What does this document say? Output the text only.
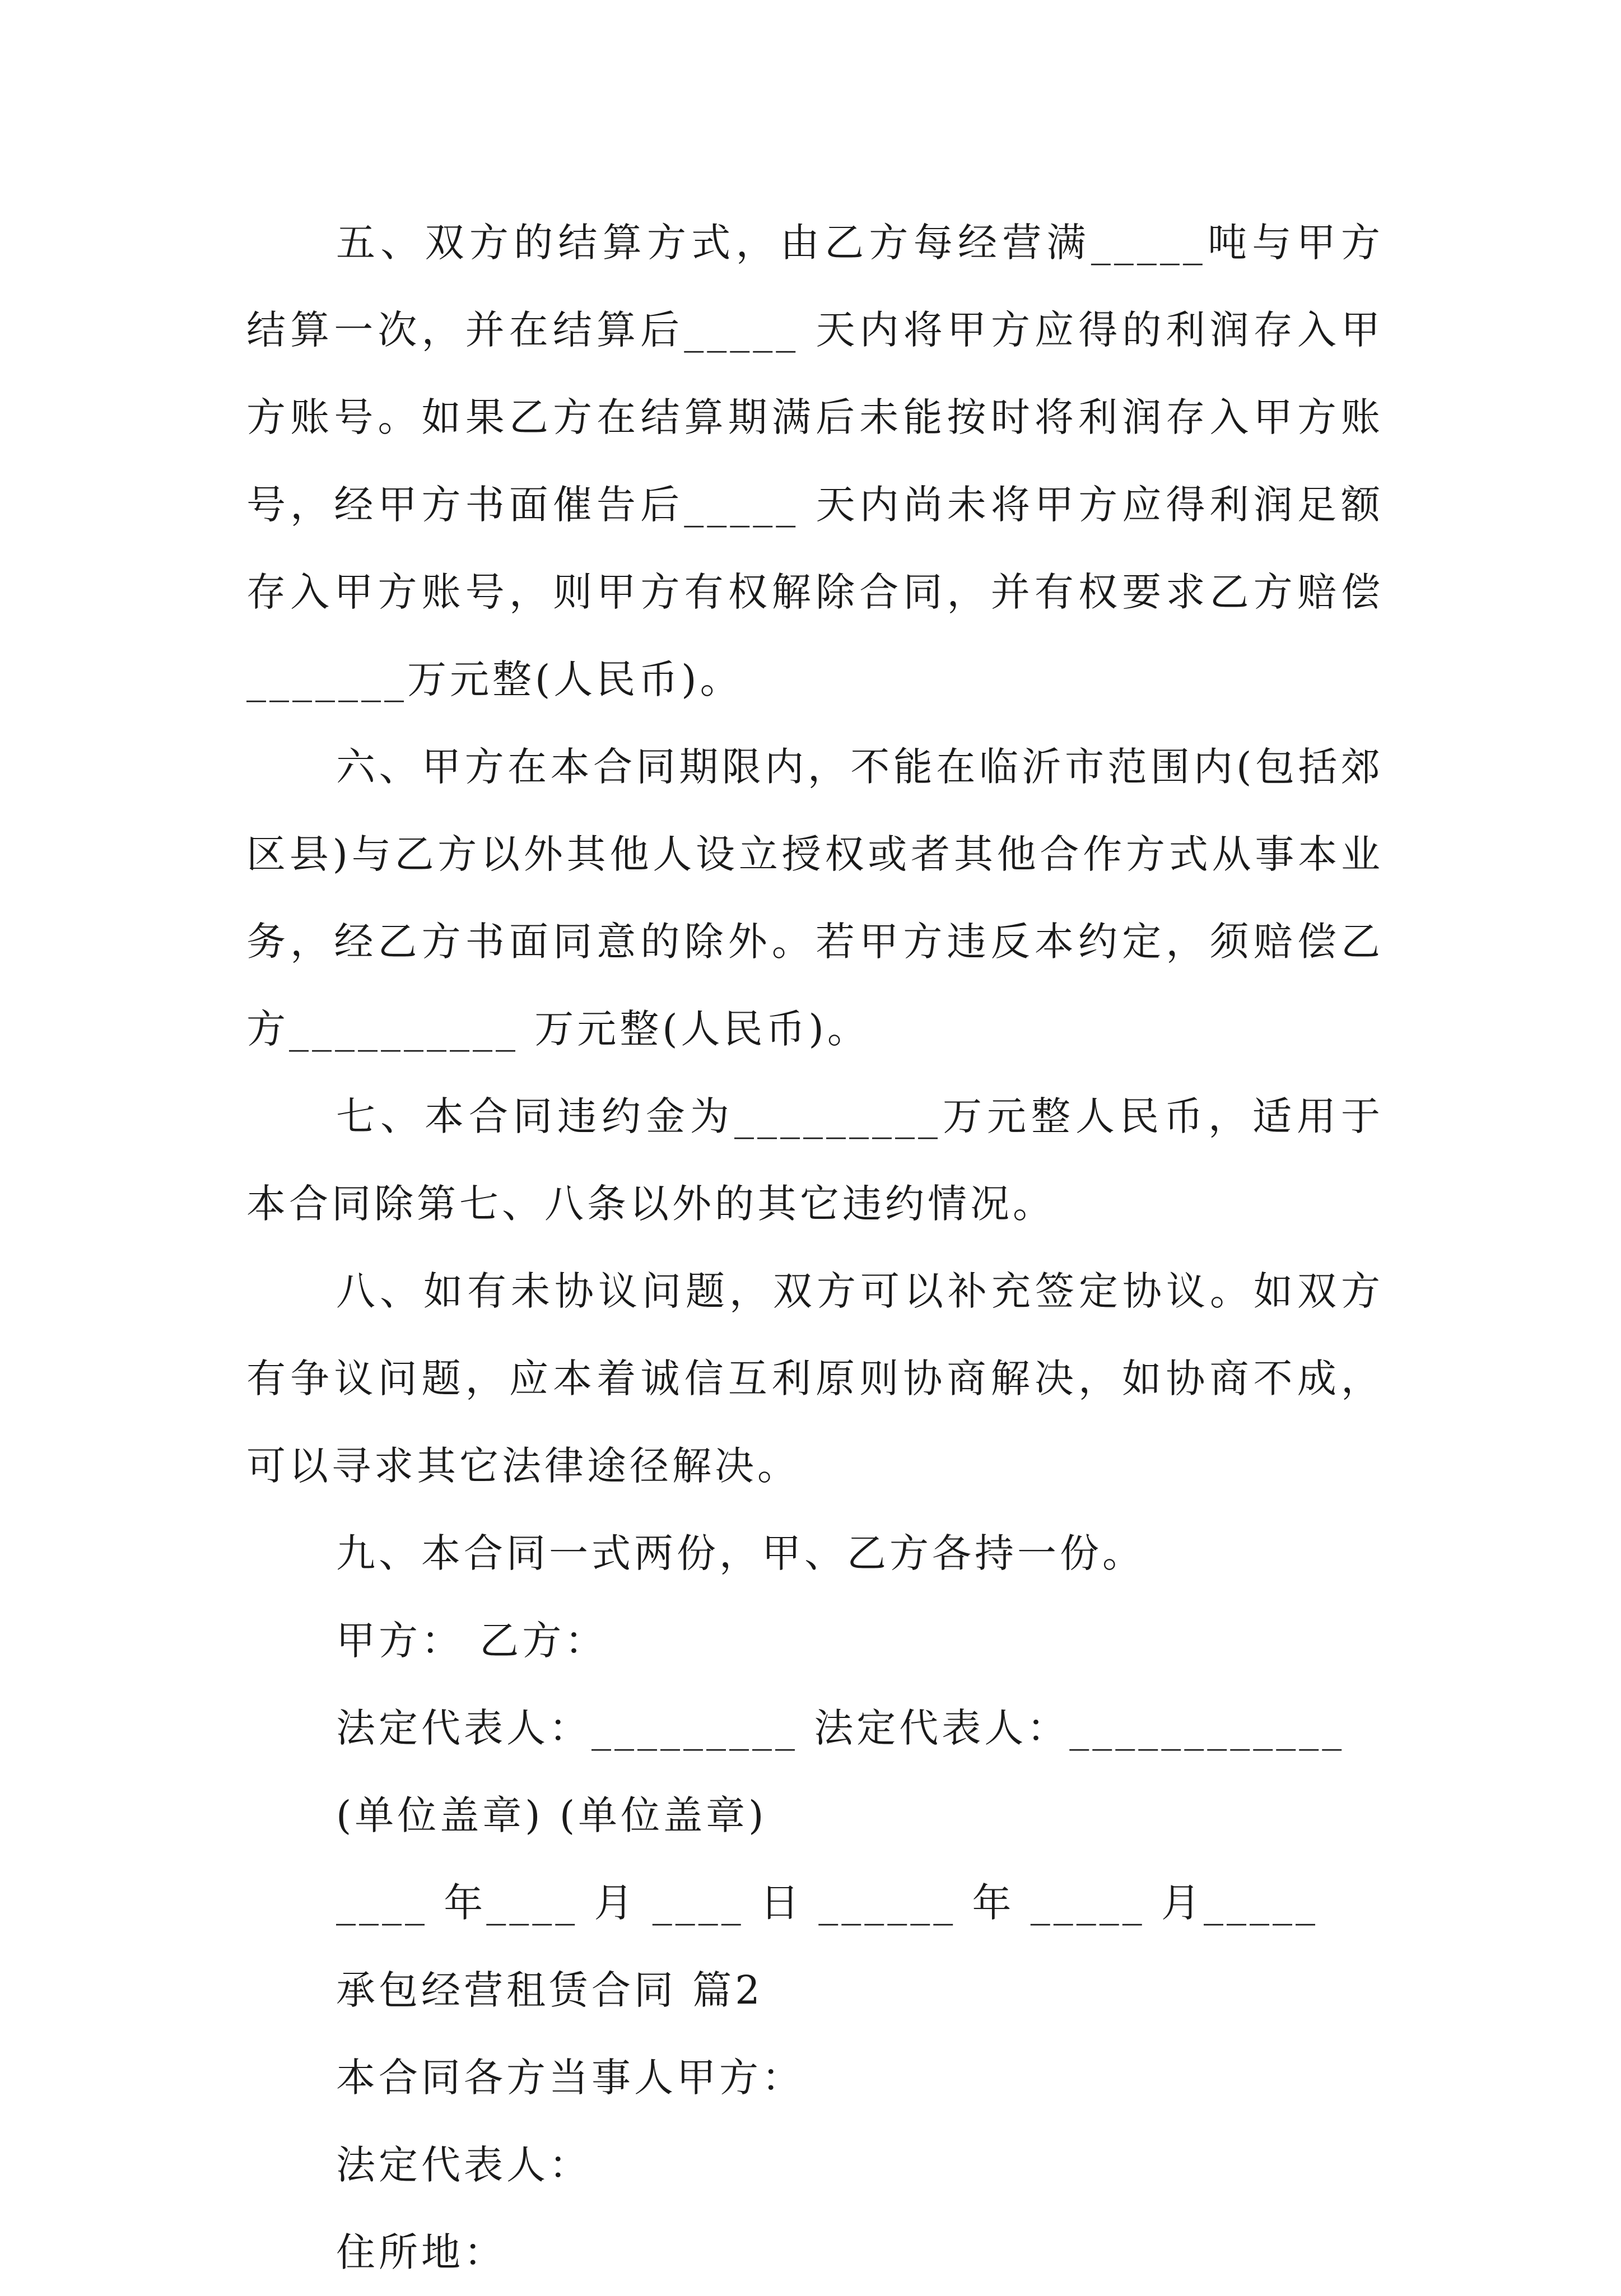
五、双方的结算方式，由乙方每经营满_____吨与甲方结算一次，并在结算后_____ 天内将甲方应得的利润存入甲方账号。如果乙方在结算期满后未能按时将利润存入甲方账号，经甲方书面催告后_____ 天内尚未将甲方应得利润足额存入甲方账号，则甲方有权解除合同，并有权要求乙方赔偿_______万元整(人民币)。

六、甲方在本合同期限内，不能在临沂市范围内(包括郊区县)与乙方以外其他人设立授权或者其他合作方式从事本业务，经乙方书面同意的除外。若甲方违反本约定，须赔偿乙方__________ 万元整(人民币)。

七、本合同违约金为_________万元整人民币，适用于本合同除第七、八条以外的其它违约情况。

八、如有未协议问题，双方可以补充签定协议。如双方有争议问题，应本着诚信互利原则协商解决，如协商不成，可以寻求其它法律途径解决。

九、本合同一式两份，甲、乙方各持一份。

甲方： 乙方：

法定代表人：_________ 法定代表人：____________

(单位盖章) (单位盖章)

____ 年____ 月 ____ 日 ______ 年 _____ 月_____

承包经营租赁合同 篇2

本合同各方当事人甲方：

法定代表人：

住所地：
